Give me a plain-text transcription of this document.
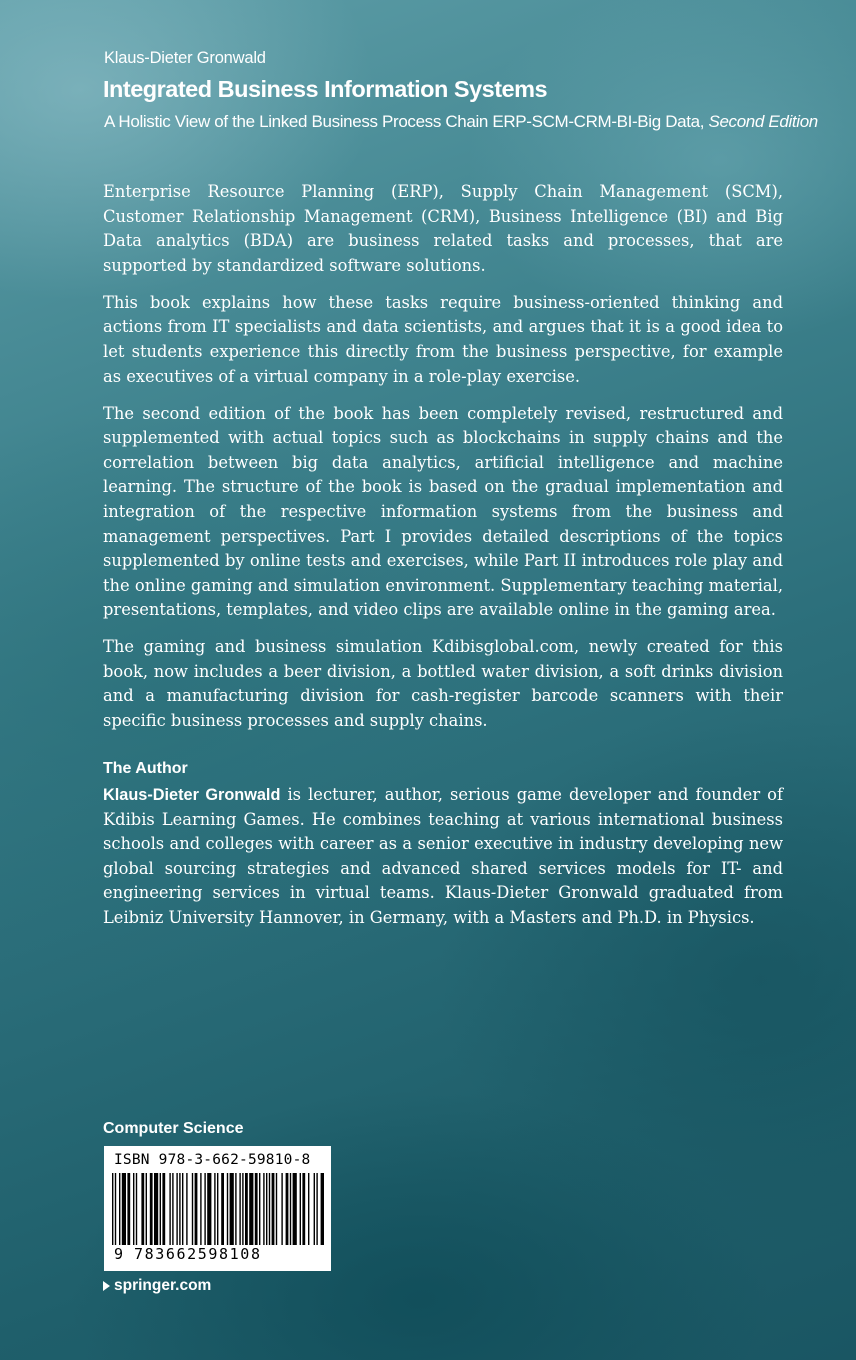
Klaus-Dieter Gronwald
Integrated Business Information Systems
A Holistic View of the Linked Business Process Chain ERP-SCM-CRM-BI-Big Data, Second Edition

Enterprise Resource Planning (ERP), Supply Chain Management (SCM), Customer Relationship Management (CRM), Business Intelligence (BI) and Big Data analytics (BDA) are business related tasks and processes, that are supported by standardized software solutions.

This book explains how these tasks require business-oriented thinking and actions from IT specialists and data scientists, and argues that it is a good idea to let students experience this directly from the business perspective, for example as executives of a virtual company in a role-play exercise.

The second edition of the book has been completely revised, restructured and supplemented with actual topics such as blockchains in supply chains and the correlation between big data analytics, artificial intelligence and machine learning. The structure of the book is based on the gradual implementation and integration of the respective information systems from the business and management perspectives. Part I provides detailed descriptions of the topics supplemented by online tests and exercises, while Part II introduces role play and the online gaming and simulation environment. Supplementary teaching material, presentations, templates, and video clips are available online in the gaming area.

The gaming and business simulation Kdibisglobal.com, newly created for this book, now includes a beer division, a bottled water division, a soft drinks division and a manufacturing division for cash-register barcode scanners with their specific business processes and supply chains.

The Author

Klaus-Dieter Gronwald is lecturer, author, serious game developer and founder of Kdibis Learning Games. He combines teaching at various international business schools and colleges with career as a senior executive in industry developing new global sourcing strategies and advanced shared services models for IT- and engineering services in virtual teams. Klaus-Dieter Gronwald graduated from Leibniz University Hannover, in Germany, with a Masters and Ph.D. in Physics.

Computer Science
ISBN 978-3-662-59810-8
9 783662598108
springer.com
